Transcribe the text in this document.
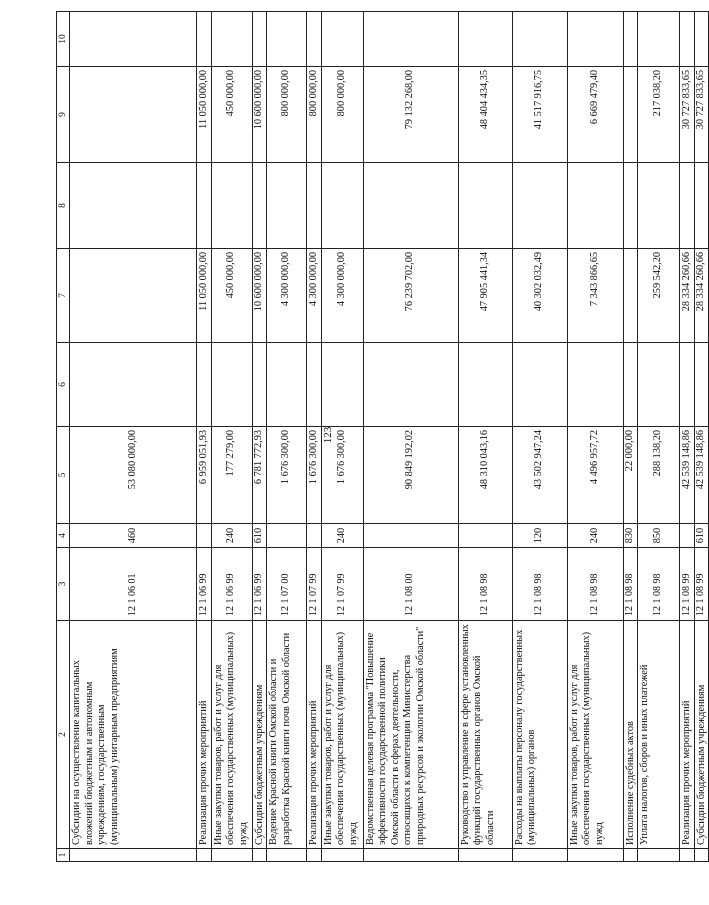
123
1	2	3	4	5	6	7	8	9	10
	Субсидии на осуществление капитальных вложений бюджетным и автономным учреждениям, государственным (муниципальным) унитарным предприятиям	12 1 06 01	460	53 080 000,00					
	Реализация прочих мероприятий	12 1 06 99		6 959 051,93		11 050 000,00		11 050 000,00	
	Иные закупки товаров, работ и услуг для обеспечения государственных (муниципальных) нужд	12 1 06 99	240	177 279,00		450 000,00		450 000,00	
	Субсидии бюджетным учреждениям	12 1 06 99	610	6 781 772,93		10 600 000,00		10 600 000,00	
	Ведение Красной книги Омской области и разработка Красной книги почв Омской области	12 1 07 00		1 676 300,00		4 300 000,00		800 000,00	
	Реализация прочих мероприятий	12 1 07 99		1 676 300,00		4 300 000,00		800 000,00	
	Иные закупки товаров, работ и услуг для обеспечения государственных (муниципальных) нужд	12 1 07 99	240	1 676 300,00		4 300 000,00		800 000,00	
	Ведомственная целевая программа "Повышение эффективности государственной политики Омской области в сферах деятельности, относящихся к компетенции Министерства природных ресурсов и экологии Омской области"	12 1 08 00		90 849 192,02		76 239 702,00		79 132 268,00	
	Руководство и управление в сфере установленных функций государственных органов Омской области	12 1 08 98		48 310 043,16		47 905 441,34		48 404 434,35	
	Расходы на выплаты персоналу государственных (муниципальных) органов	12 1 08 98	120	43 502 947,24		40 302 032,49		41 517 916,75	
	Иные закупки товаров, работ и услуг для обеспечения государственных (муниципальных) нужд	12 1 08 98	240	4 496 957,72		7 343 866,65		6 669 479,40	
	Исполнение судебных актов	12 1 08 98	830	22 000,00					
	Уплата налогов, сборов и иных платежей	12 1 08 98	850	288 138,20		259 542,20		217 038,20	
	Реализация прочих мероприятий	12 1 08 99		42 539 148,86		28 334 260,66		30 727 833,65	
	Субсидии бюджетным учреждениям	12 1 08 99	610	42 539 148,86		28 334 260,66		30 727 833,65	
